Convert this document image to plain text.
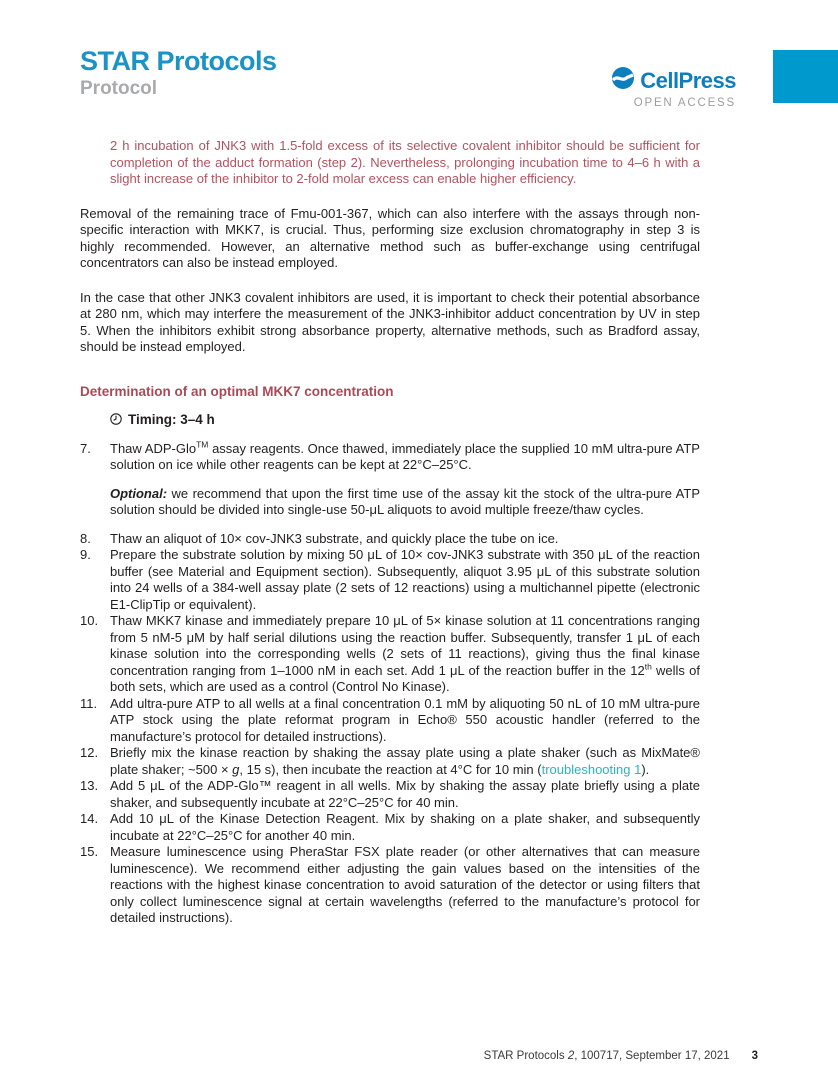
STAR Protocols
Protocol	CellPress
OPEN ACCESS

2 h incubation of JNK3 with 1.5-fold excess of its selective covalent inhibitor should be sufficient for completion of the adduct formation (step 2). Nevertheless, prolonging incubation time to 4–6 h with a slight increase of the inhibitor to 2-fold molar excess can enable higher efficiency.

Removal of the remaining trace of Fmu-001-367, which can also interfere with the assays through non-specific interaction with MKK7, is crucial. Thus, performing size exclusion chromatography in step 3 is highly recommended. However, an alternative method such as buffer-exchange using centrifugal concentrators can also be instead employed.

In the case that other JNK3 covalent inhibitors are used, it is important to check their potential absorbance at 280 nm, which may interfere the measurement of the JNK3-inhibitor adduct concentration by UV in step 5. When the inhibitors exhibit strong absorbance property, alternative methods, such as Bradford assay, should be instead employed.

Determination of an optimal MKK7 concentration
Timing: 3–4 h
7.	Thaw ADP-Glo™ assay reagents. Once thawed, immediately place the supplied 10 mM ultra-pure ATP solution on ice while other reagents can be kept at 22°C–25°C.

Optional: we recommend that upon the first time use of the assay kit the stock of the ultra-pure ATP solution should be divided into single-use 50-μL aliquots to avoid multiple freeze/thaw cycles.

8.	Thaw an aliquot of 10× cov-JNK3 substrate, and quickly place the tube on ice.
9.	Prepare the substrate solution by mixing 50 μL of 10× cov-JNK3 substrate with 350 μL of the reaction buffer (see Material and Equipment section). Subsequently, aliquot 3.95 μL of this substrate solution into 24 wells of a 384-well assay plate (2 sets of 12 reactions) using a multichannel pipette (electronic E1-ClipTip or equivalent).
10. Thaw MKK7 kinase and immediately prepare 10 μL of 5× kinase solution at 11 concentrations ranging from 5 nM-5 μM by half serial dilutions using the reaction buffer. Subsequently, transfer 1 μL of each kinase solution into the corresponding wells (2 sets of 11 reactions), giving thus the final kinase concentration ranging from 1–1000 nM in each set. Add 1 μL of the reaction buffer in the 12th wells of both sets, which are used as a control (Control No Kinase).
11. Add ultra-pure ATP to all wells at a final concentration 0.1 mM by aliquoting 50 nL of 10 mM ultra-pure ATP stock using the plate reformat program in Echo® 550 acoustic handler (referred to the manufacture’s protocol for detailed instructions).
12. Briefly mix the kinase reaction by shaking the assay plate using a plate shaker (such as MixMate® plate shaker; ~500 × g, 15 s), then incubate the reaction at 4°C for 10 min (troubleshooting 1).
13. Add 5 μL of the ADP-Glo™ reagent in all wells. Mix by shaking the assay plate briefly using a plate shaker, and subsequently incubate at 22°C–25°C for 40 min.
14. Add 10 μL of the Kinase Detection Reagent. Mix by shaking on a plate shaker, and subsequently incubate at 22°C–25°C for another 40 min.
15. Measure luminescence using PheraStar FSX plate reader (or other alternatives that can measure luminescence). We recommend either adjusting the gain values based on the intensities of the reactions with the highest kinase concentration to avoid saturation of the detector or using filters that only collect luminescence signal at certain wavelengths (referred to the manufacture’s protocol for detailed instructions).
STAR Protocols 2, 100717, September 17, 2021 3
